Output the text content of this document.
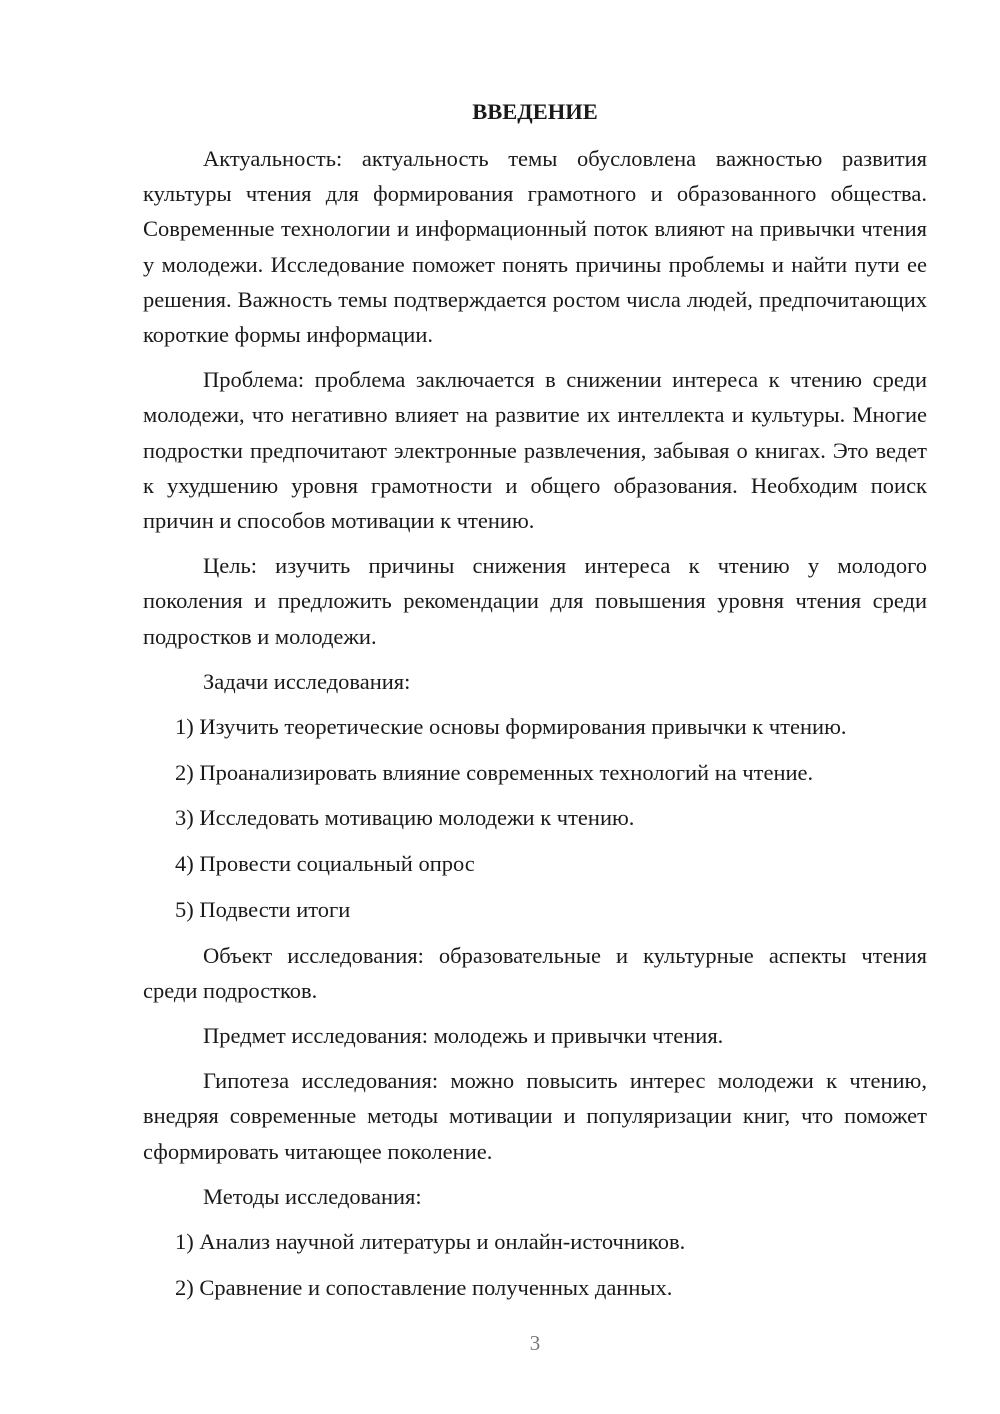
ВВЕДЕНИЕ

Актуальность: актуальность темы обусловлена важностью развития культуры чтения для формирования грамотного и образованного общества. Современные технологии и информационный поток влияют на привычки чтения у молодежи. Исследование поможет понять причины проблемы и найти пути ее решения. Важность темы подтверждается ростом числа людей, предпочитающих короткие формы информации.

Проблема: проблема заключается в снижении интереса к чтению среди молодежи, что негативно влияет на развитие их интеллекта и культуры. Многие подростки предпочитают электронные развлечения, забывая о книгах. Это ведет к ухудшению уровня грамотности и общего образования. Необходим поиск причин и способов мотивации к чтению.

Цель: изучить причины снижения интереса к чтению у молодого поколения и предложить рекомендации для повышения уровня чтения среди подростков и молодежи.

Задачи исследования:

1) Изучить теоретические основы формирования привычки к чтению.
2) Проанализировать влияние современных технологий на чтение.
3) Исследовать мотивацию молодежи к чтению.
4) Провести социальный опрос
5) Подвести итоги

Объект исследования: образовательные и культурные аспекты чтения среди подростков.

Предмет исследования: молодежь и привычки чтения.

Гипотеза исследования: можно повысить интерес молодежи к чтению, внедряя современные методы мотивации и популяризации книг, что поможет сформировать читающее поколение.

Методы исследования:

1) Анализ научной литературы и онлайн-источников.
2) Сравнение и сопоставление полученных данных.
3
